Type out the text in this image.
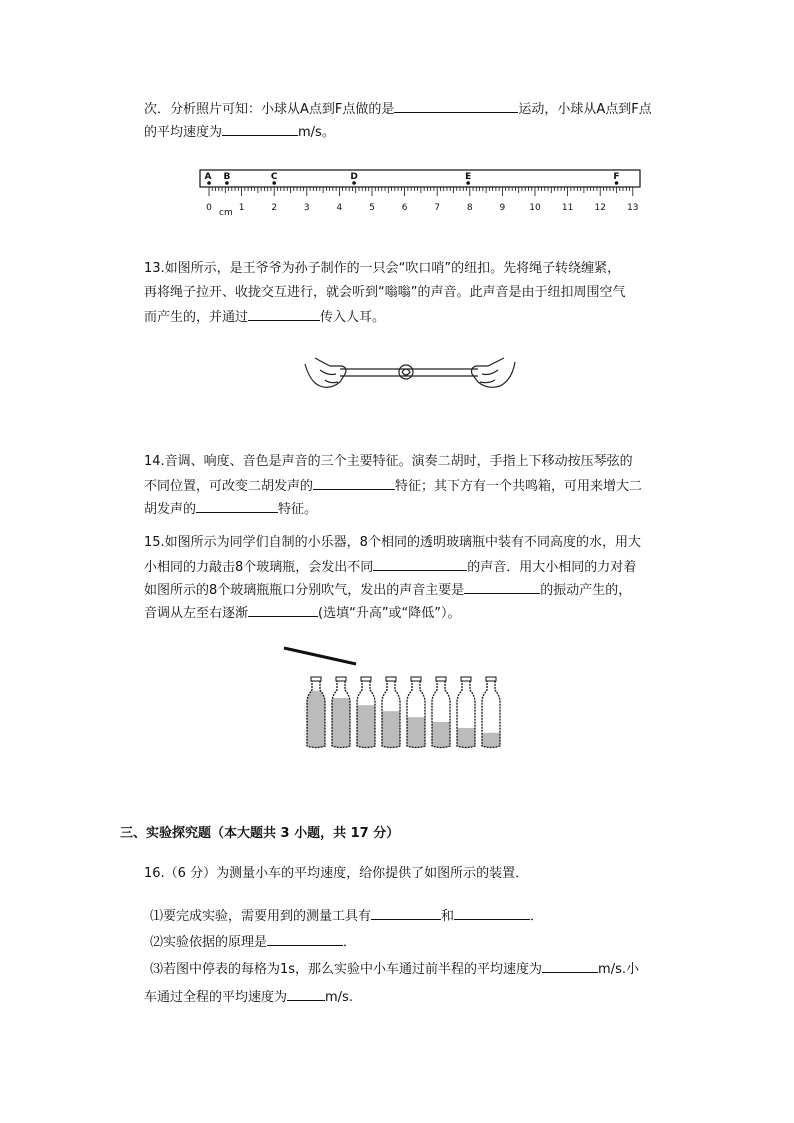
次．分析照片可知：小球从A点到F点做的是	运动，小球从A点到F点
的平均速度为	m/s。
0	1	2	3	4	5	6	7	8	9	10 11 12 13
cm
A B	C	D	E	F
13.如图所示，是王爷爷为孙子制作的一只会“吹口哨”的纽扣。先将绳子转绕缠紧，
再将绳子拉开、收拢交互进行，就会听到“嗡嗡”的声音。此声音是由于纽扣周围空气
而产生的，并通过	传入人耳。
14.音调、响度、音色是声音的三个主要特征。演奏二胡时，手指上下移动按压琴弦的
不同位置，可改变二胡发声的	特征；其下方有一个共鸣箱，可用来增大二
胡发声的	特征。
15.如图所示为同学们自制的小乐器，8个相同的透明玻璃瓶中装有不同高度的水，用大
小相同的力敲击8个玻璃瓶，会发出不同	的声音．用大小相同的力对着
如图所示的8个玻璃瓶瓶口分别吹气，发出的声音主要是	的振动产生的，
音调从左至右逐渐	(选填“升高”或“降低”）。
三、实验探究题（本大题共 3 小题，共 17 分）
16.（6 分）为测量小车的平均速度，给你提供了如图所示的装置．
⑴要完成实验，需要用到的测量工具有	和	．
⑵实验依据的原理是	．
⑶若图中停表的每格为1s，那么实验中小车通过前半程的平均速度为	m/s.小
车通过全程的平均速度为	m/s.
